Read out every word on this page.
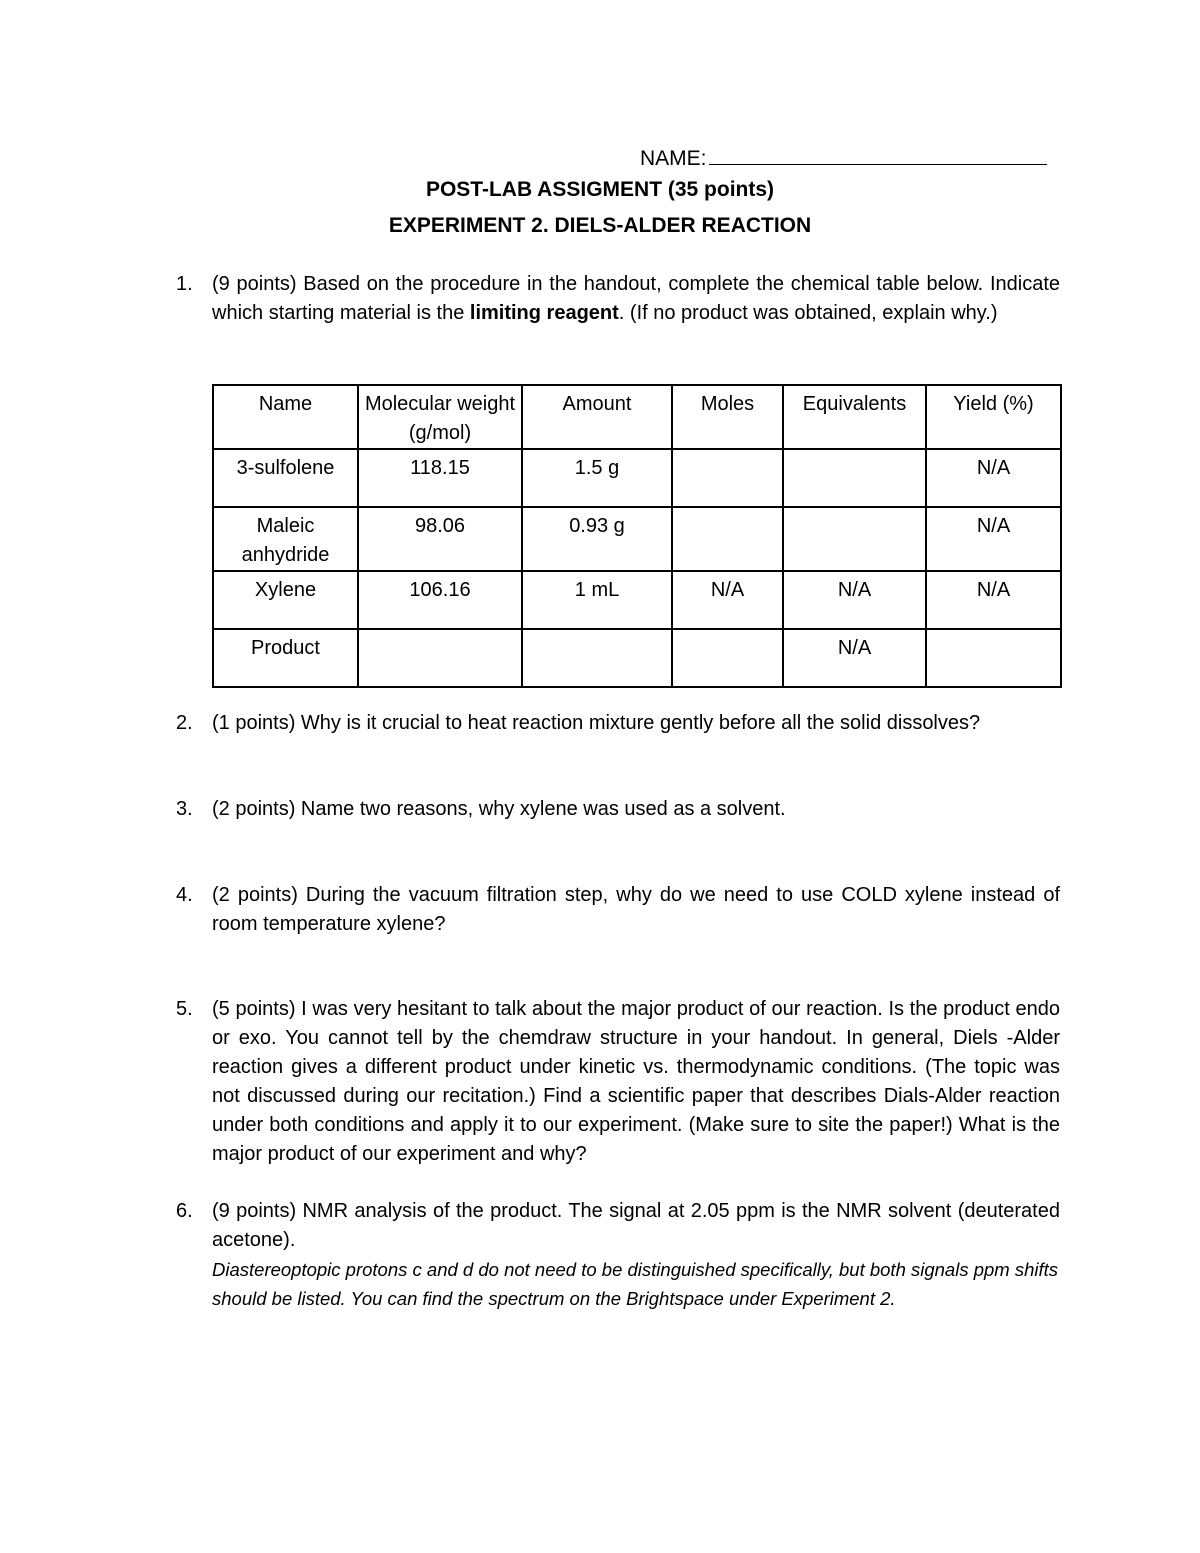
NAME:
POST-LAB ASSIGMENT (35 points)
EXPERIMENT 2. DIELS-ALDER REACTION
1. (9 points) Based on the procedure in the handout, complete the chemical table below. Indicate which starting material is the limiting reagent. (If no product was obtained, explain why.)

Name	Molecular weight (g/mol)	Amount	Moles	Equivalents	Yield (%)
3-sulfolene	118.15	1.5 g			N/A
Maleic anhydride	98.06	0.93 g			N/A
Xylene	106.16	1 mL	N/A	N/A	N/A
Product				N/A	
2. (1 points) Why is it crucial to heat reaction mixture gently before all the solid dissolves?

3. (2 points) Name two reasons, why xylene was used as a solvent.

4. (2 points) During the vacuum filtration step, why do we need to use COLD xylene instead of room temperature xylene?

5. (5 points) I was very hesitant to talk about the major product of our reaction. Is the product endo or exo. You cannot tell by the chemdraw structure in your handout. In general, Diels -Alder reaction gives a different product under kinetic vs. thermodynamic conditions. (The topic was not discussed during our recitation.) Find a scientific paper that describes Dials-Alder reaction under both conditions and apply it to our experiment. (Make sure to site the paper!) What is the major product of our experiment and why?

6. (9 points) NMR analysis of the product. The signal at 2.05 ppm is the NMR solvent (deuterated acetone).

Diastereoptopic protons c and d do not need to be distinguished specifically, but both signals ppm shifts should be listed. You can find the spectrum on the Brightspace under Experiment 2.
